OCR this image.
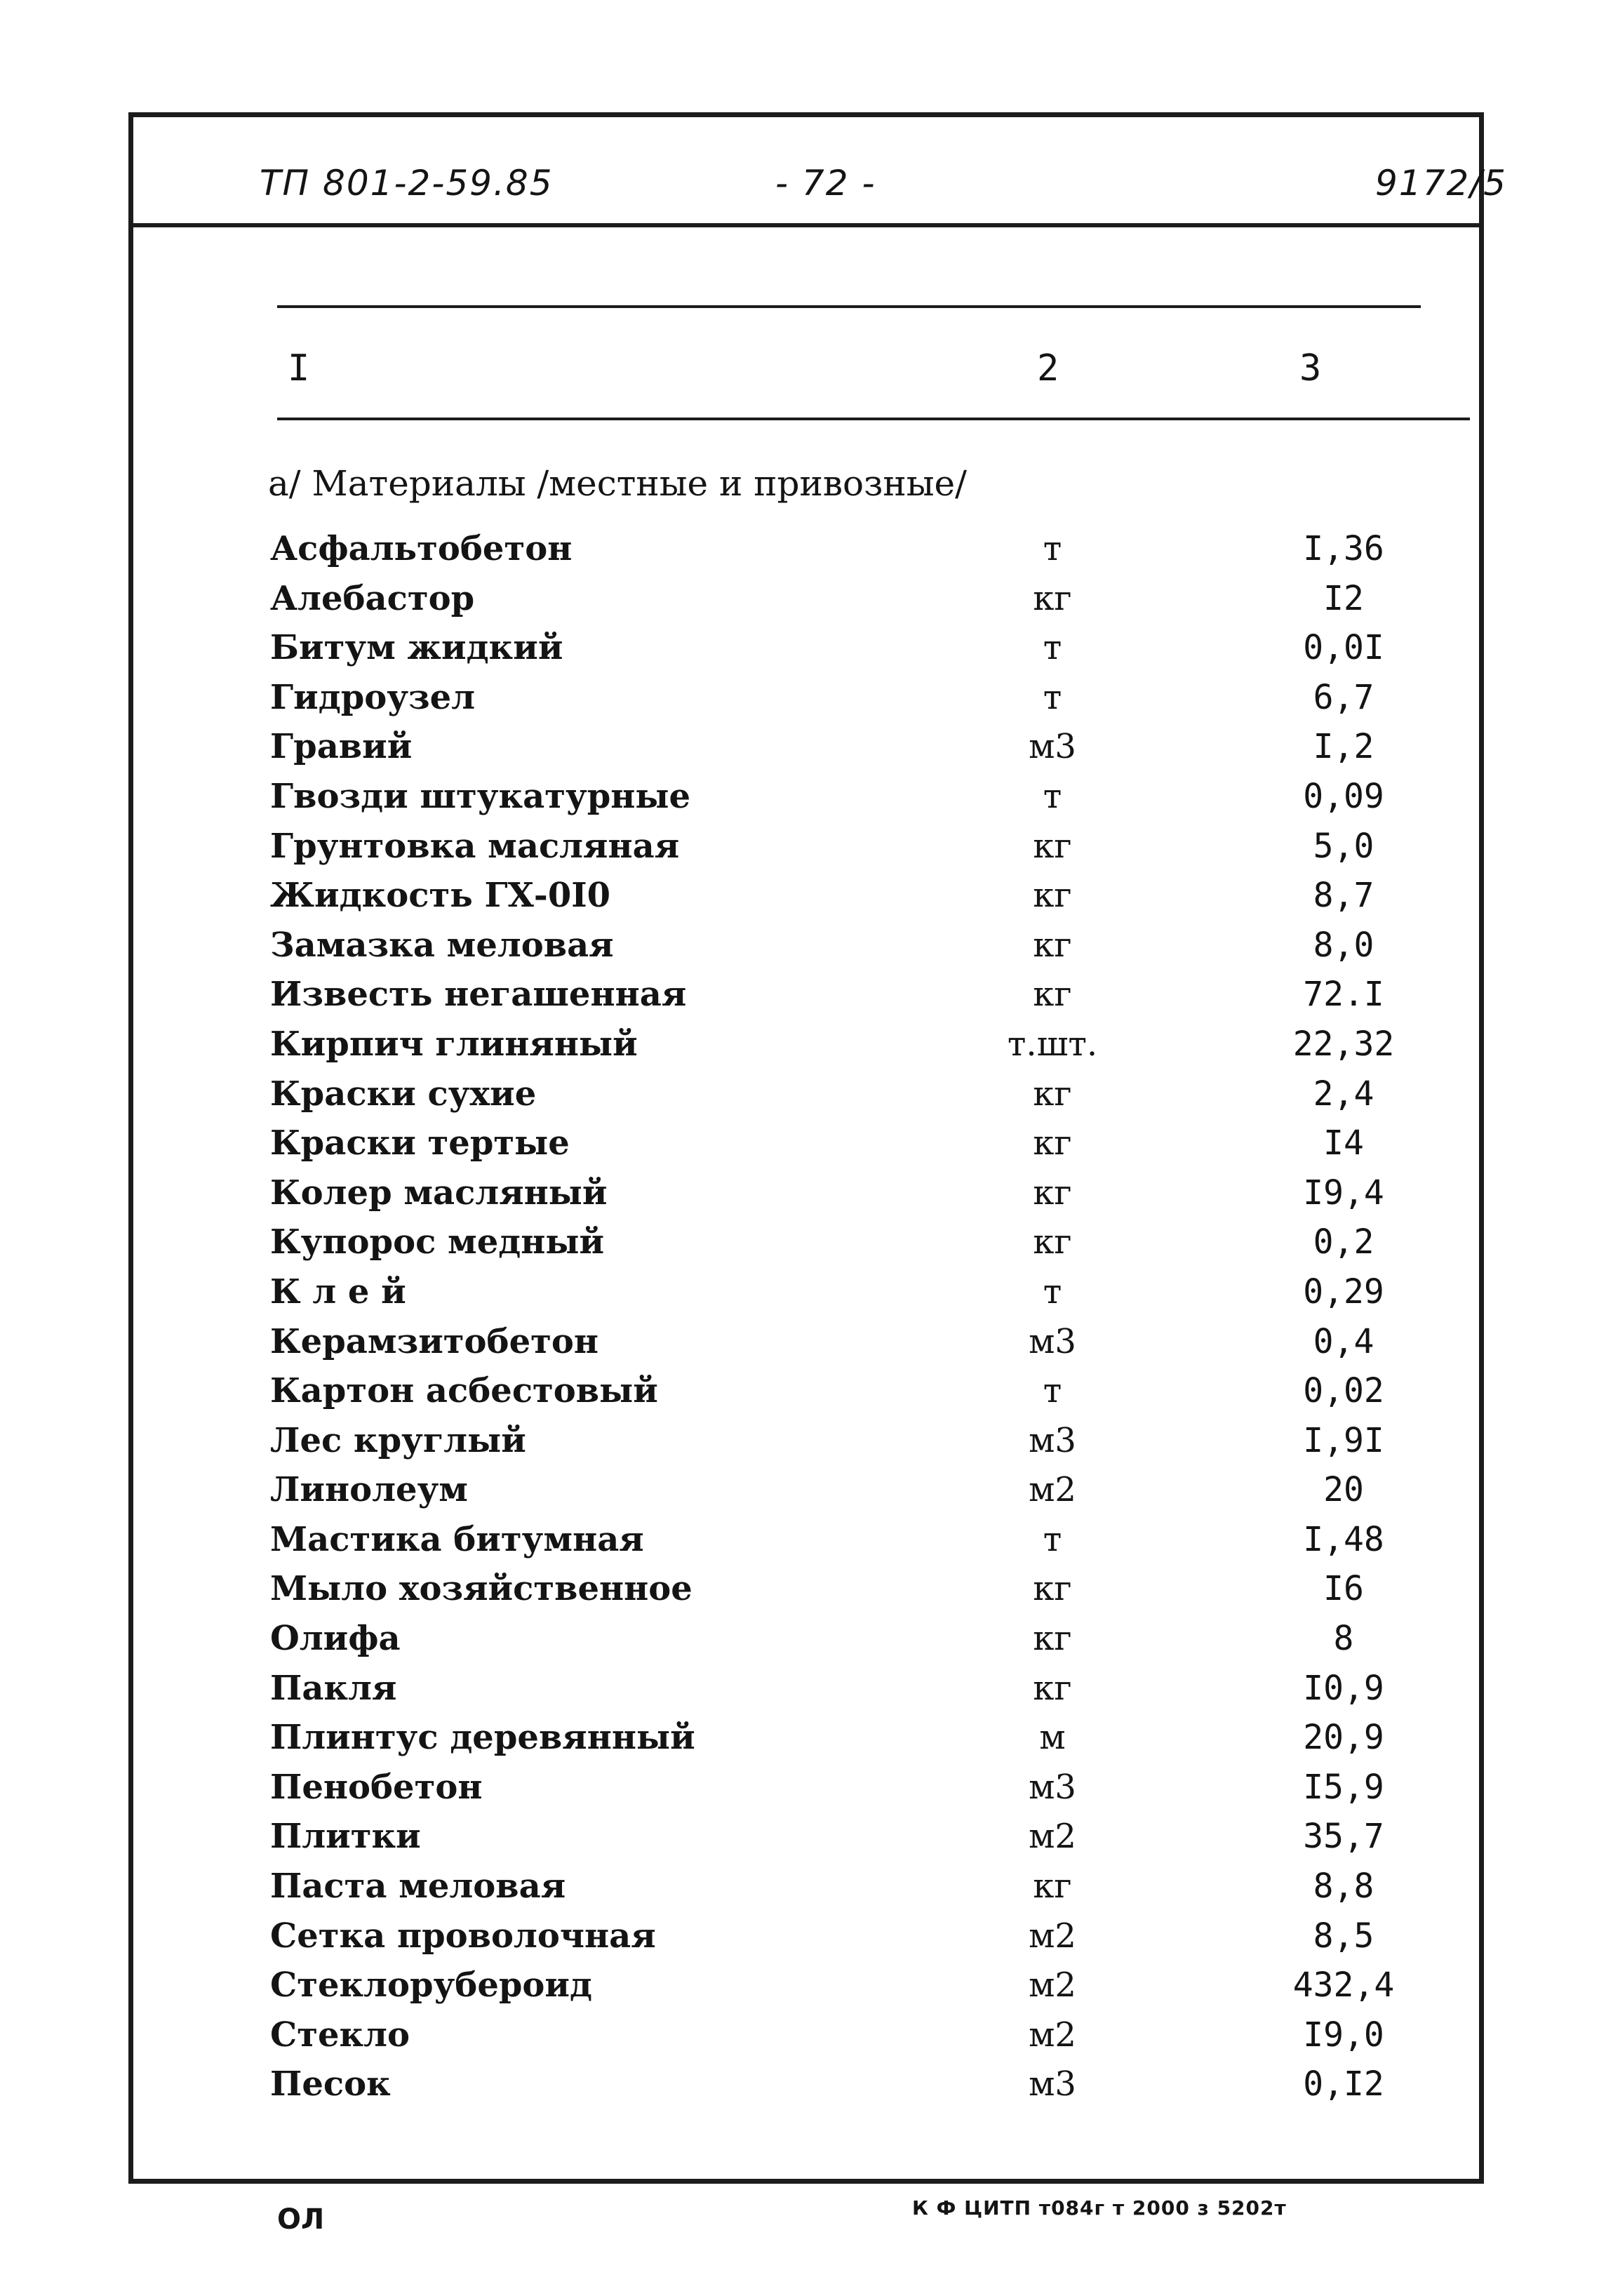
ТП 801-2-59.85	- 72 -	9172/5
I	2	3
а/ Материалы /местные и привозные/
Асфальтобетон	т	I,36
Алебастор	кг	I2
Битум жидкий	т	0,0I
Гидроузел	т	6,7
Гравий	м3	I,2
Гвозди штукатурные	т	0,09
Грунтовка масляная	кг	5,0
Жидкость ГХ-0I0	кг	8,7
Замазка меловая	кг	8,0
Известь негашенная	кг	72.I
Кирпич глиняный	т.шт.	22,32
Краски сухие	кг	2,4
Краски тертые	кг	I4
Колер масляный	кг	I9,4
Купорос медный	кг	0,2
К л е й	т	0,29
Керамзитобетон	м3	0,4
Картон асбестовый	т	0,02
Лес круглый	м3	I,9I
Линолеум	м2	20
Мастика битумная	т	I,48
Мыло хозяйственное	кг	I6
Олифа	кг	8
Пакля	кг	I0,9
Плинтус деревянный	м	20,9
Пенобетон	м3	I5,9
Плитки	м2	35,7
Паста меловая	кг	8,8
Сетка проволочная	м2	8,5
Стеклорубероид	м2	432,4
Стекло	м2	I9,0
Песок	м3	0,I2
ОЛ	К Ф ЦИТП т084г т 2000 з 5202т
